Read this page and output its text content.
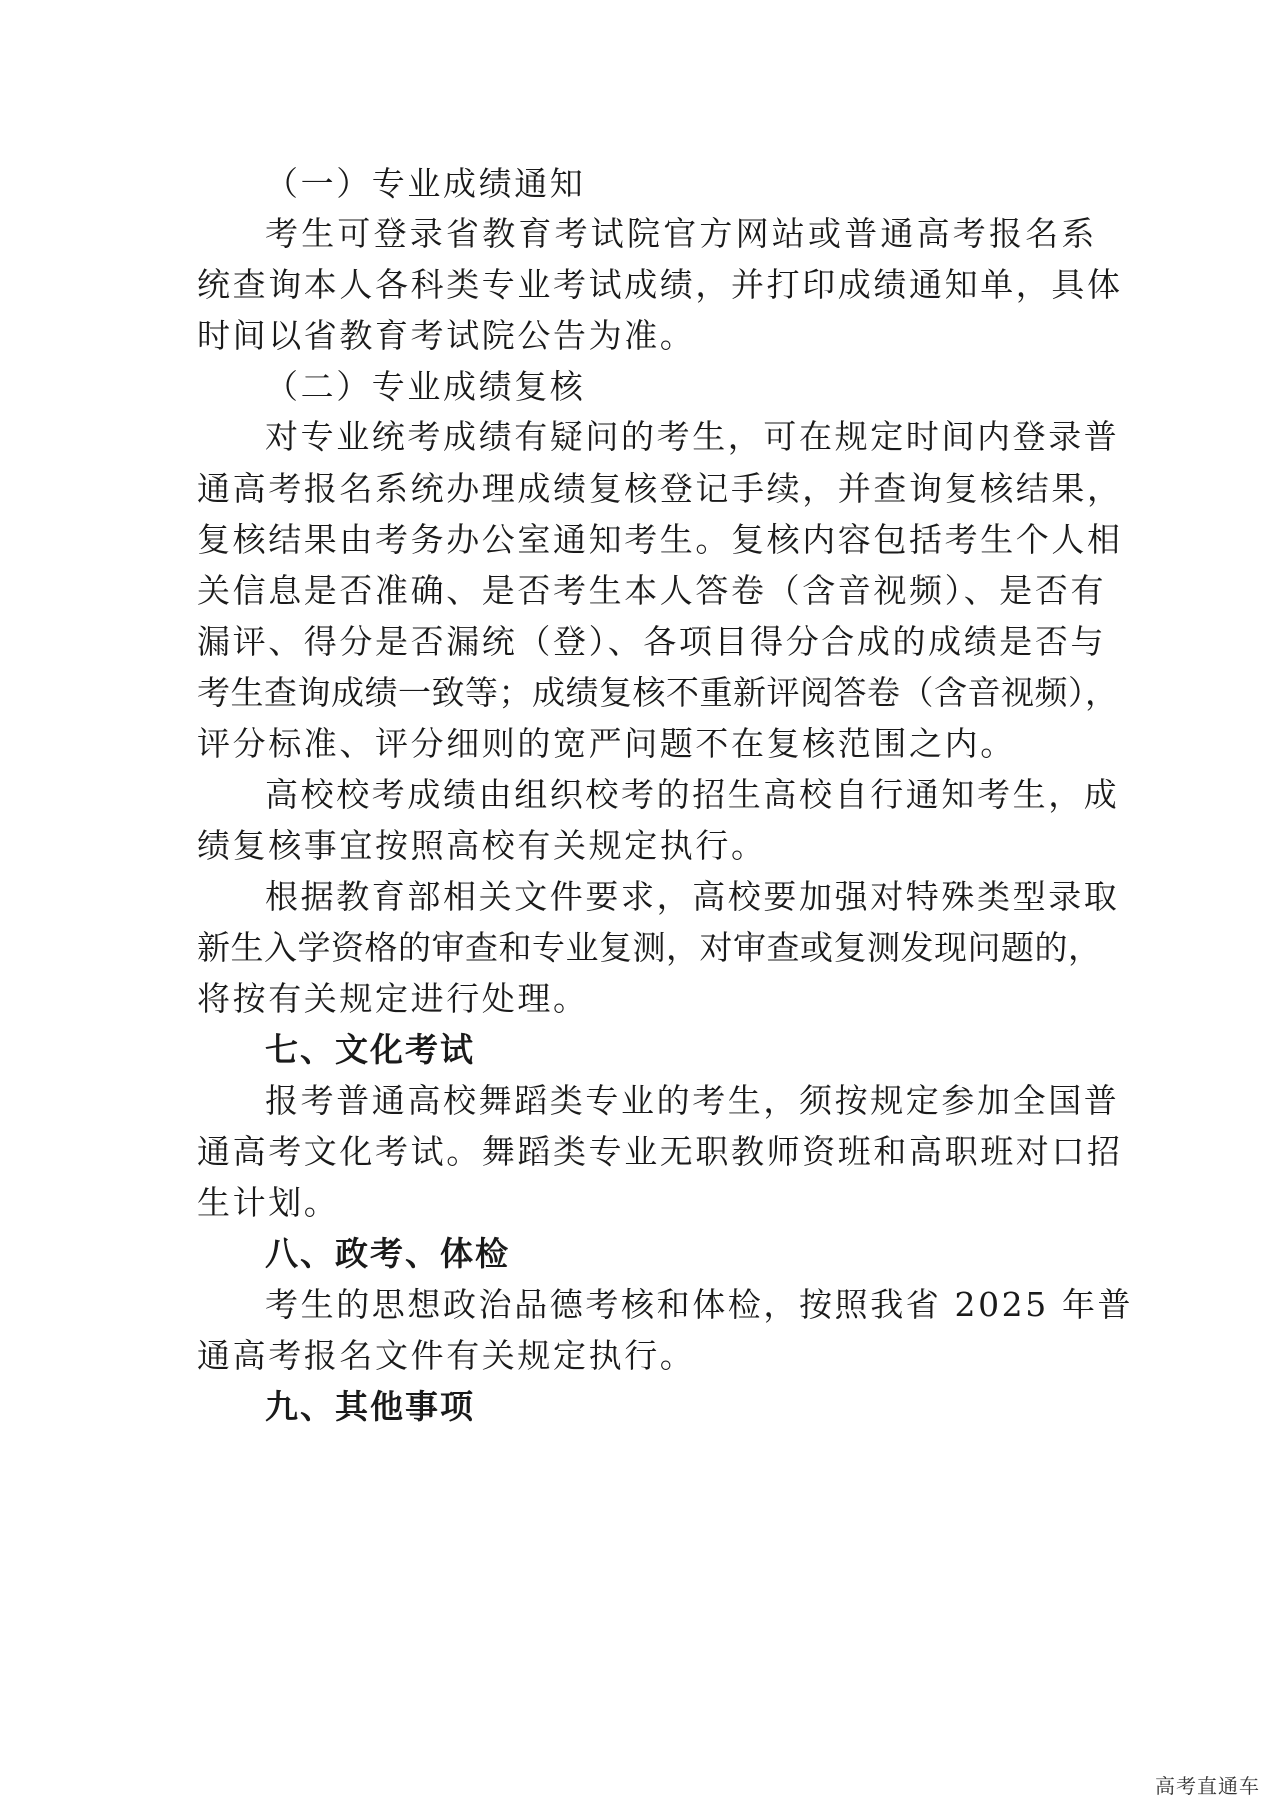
（一）专业成绩通知
考生可登录省教育考试院官方网站或普通高考报名系
统查询本人各科类专业考试成绩，并打印成绩通知单，具体
时间以省教育考试院公告为准。
（二）专业成绩复核
对专业统考成绩有疑问的考生，可在规定时间内登录普
通高考报名系统办理成绩复核登记手续，并查询复核结果，
复核结果由考务办公室通知考生。复核内容包括考生个人相
关信息是否准确、是否考生本人答卷（含音视频）、是否有
漏评、得分是否漏统（登）、各项目得分合成的成绩是否与
考生查询成绩一致等；成绩复核不重新评阅答卷（含音视频），
评分标准、评分细则的宽严问题不在复核范围之内。
高校校考成绩由组织校考的招生高校自行通知考生，成
绩复核事宜按照高校有关规定执行。
根据教育部相关文件要求，高校要加强对特殊类型录取
新生入学资格的审查和专业复测，对审查或复测发现问题的，
将按有关规定进行处理。
七、文化考试
报考普通高校舞蹈类专业的考生，须按规定参加全国普
通高考文化考试。舞蹈类专业无职教师资班和高职班对口招
生计划。
八、政考、体检
考生的思想政治品德考核和体检，按照我省 2025 年普
通高考报名文件有关规定执行。
九、其他事项
高考直通车
